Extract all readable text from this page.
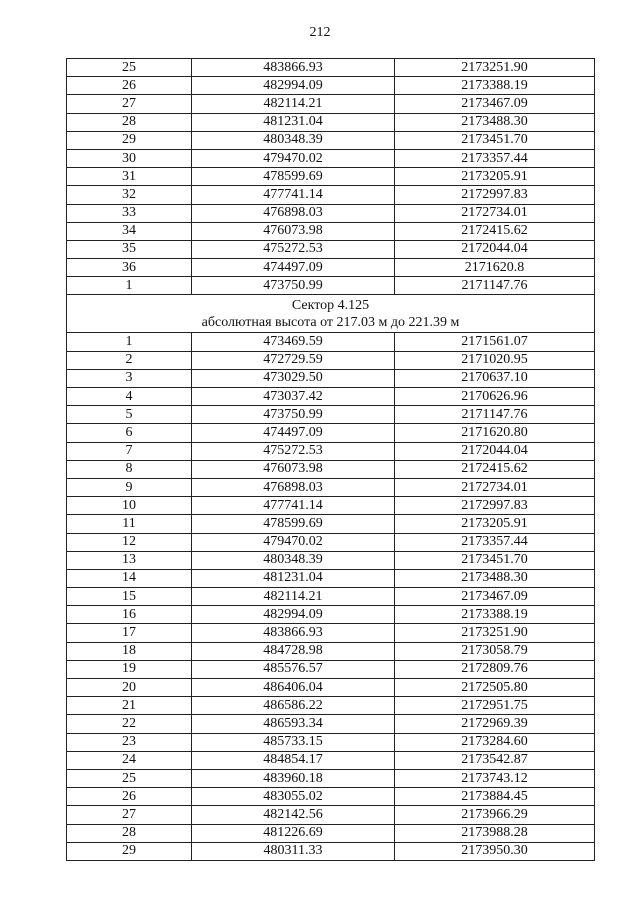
212
25	483866.93	2173251.90
26	482994.09	2173388.19
27	482114.21	2173467.09
28	481231.04	2173488.30
29	480348.39	2173451.70
30	479470.02	2173357.44
31	478599.69	2173205.91
32	477741.14	2172997.83
33	476898.03	2172734.01
34	476073.98	2172415.62
35	475272.53	2172044.04
36	474497.09	2171620.8
1	473750.99	2171147.76

Сектор 4.125
абсолютная высота от 217.03 м до 221.39 м		

1	473469.59	2171561.07
2	472729.59	2171020.95
3	473029.50	2170637.10
4	473037.42	2170626.96
5	473750.99	2171147.76
6	474497.09	2171620.80
7	475272.53	2172044.04
8	476073.98	2172415.62
9	476898.03	2172734.01
10	477741.14	2172997.83
11	478599.69	2173205.91
12	479470.02	2173357.44
13	480348.39	2173451.70
14	481231.04	2173488.30
15	482114.21	2173467.09
16	482994.09	2173388.19
17	483866.93	2173251.90
18	484728.98	2173058.79
19	485576.57	2172809.76
20	486406.04	2172505.80
21	486586.22	2172951.75
22	486593.34	2172969.39
23	485733.15	2173284.60
24	484854.17	2173542.87
25	483960.18	2173743.12
26	483055.02	2173884.45
27	482142.56	2173966.29
28	481226.69	2173988.28
29	480311.33	2173950.30
